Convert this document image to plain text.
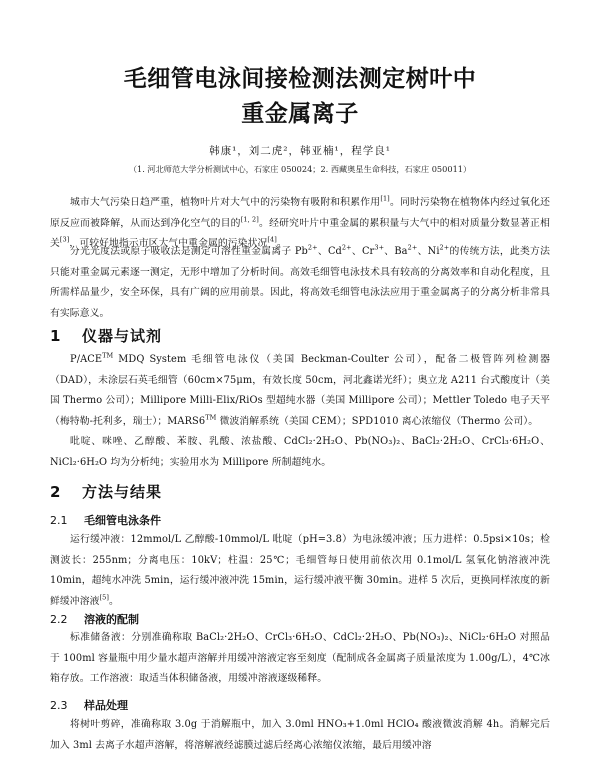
毛细管电泳间接检测法测定树叶中
重金属离子
韩康¹，刘二虎²，韩亚楠¹，程学良¹
（1. 河北师范大学分析测试中心，石家庄 050024；2. 西藏奥星生命科技，石家庄 050011）

城市大气污染日趋严重，植物叶片对大气中的污染物有吸附和积累作用[1]。同时污染物在植物体内经过氧化还原反应而被降解，从而达到净化空气的目的[1, 2]。经研究叶片中重金属的累积量与大气中的相对质量分数显著正相关[3]，可较好地指示市区大气中重金属的污染状况[4]。

分光光度法或原子吸收法是测定可溶性重金属离子 $Pb^{2+}$、$Cd^{2+}$、$Cr^{3+}$、$Ba^{2+}$、$Ni^{2+}$的传统方法，此类方法只能对重金属元素逐一测定，无形中增加了分析时间。高效毛细管电泳技术具有较高的分离效率和自动化程度，且所需样品量少，安全环保，具有广阔的应用前景。因此，将高效毛细管电泳法应用于重金属离子的分离分析非常具有实际意义。

1 仪器与试剂

P/ACE™ MDQ System 毛细管电泳仪（美国 Beckman-Coulter 公司），配备二极管阵列检测器（DAD），未涂层石英毛细管（60cm×75μm，有效长度 50cm，河北鑫诺光纤）；奥立龙 A211 台式酸度计（美国 Thermo 公司）；Millipore Milli-Elix/RiOs 型超纯水器（美国 Millipore 公司）；Mettler Toledo 电子天平（梅特勒-托利多，瑞士）；MARS6™ 微波消解系统（美国 CEM）；SPD1010 离心浓缩仪（Thermo 公司）。

吡啶、咪唑、乙醇酸、苯胺、乳酸、浓盐酸、CdCl₂·2H₂O、Pb(NO₃)₂、BaCl₂·2H₂O、CrCl₃·6H₂O、NiCl₂·6H₂O 均为分析纯；实验用水为 Millipore 所制超纯水。

2 方法与结果
2.1 毛细管电泳条件

运行缓冲液：12mmol/L 乙醇酸-10mmol/L 吡啶（pH=3.8）为电泳缓冲液；压力进样：0.5psi×10s；检测波长：255nm；分离电压：10kV；柱温：25℃；毛细管每日使用前依次用 0.1mol/L 氢氧化钠溶液冲洗 10min，超纯水冲洗 5min，运行缓冲液冲洗 15min，运行缓冲液平衡 30min。进样 5 次后，更换同样浓度的新鲜缓冲溶液[5]。

2.2 溶液的配制

标准储备液：分别准确称取 BaCl₂·2H₂O、CrCl₃·6H₂O、CdCl₂·2H₂O、Pb(NO₃)₂、NiCl₂·6H₂O 对照品于 100ml 容量瓶中用少量水超声溶解并用缓冲溶液定容至刻度（配制成各金属离子质量浓度为 1.00g/L），4℃冰箱存放。工作溶液：取适当体积储备液，用缓冲溶液逐级稀释。

2.3 样品处理

将树叶剪碎，准确称取 3.0g 于消解瓶中，加入 3.0ml HNO₃+1.0ml HClO₄ 酸液微波消解 4h。消解完后加入 3ml 去离子水超声溶解，将溶解液经滤膜过滤后经离心浓缩仪浓缩，最后用缓冲溶
